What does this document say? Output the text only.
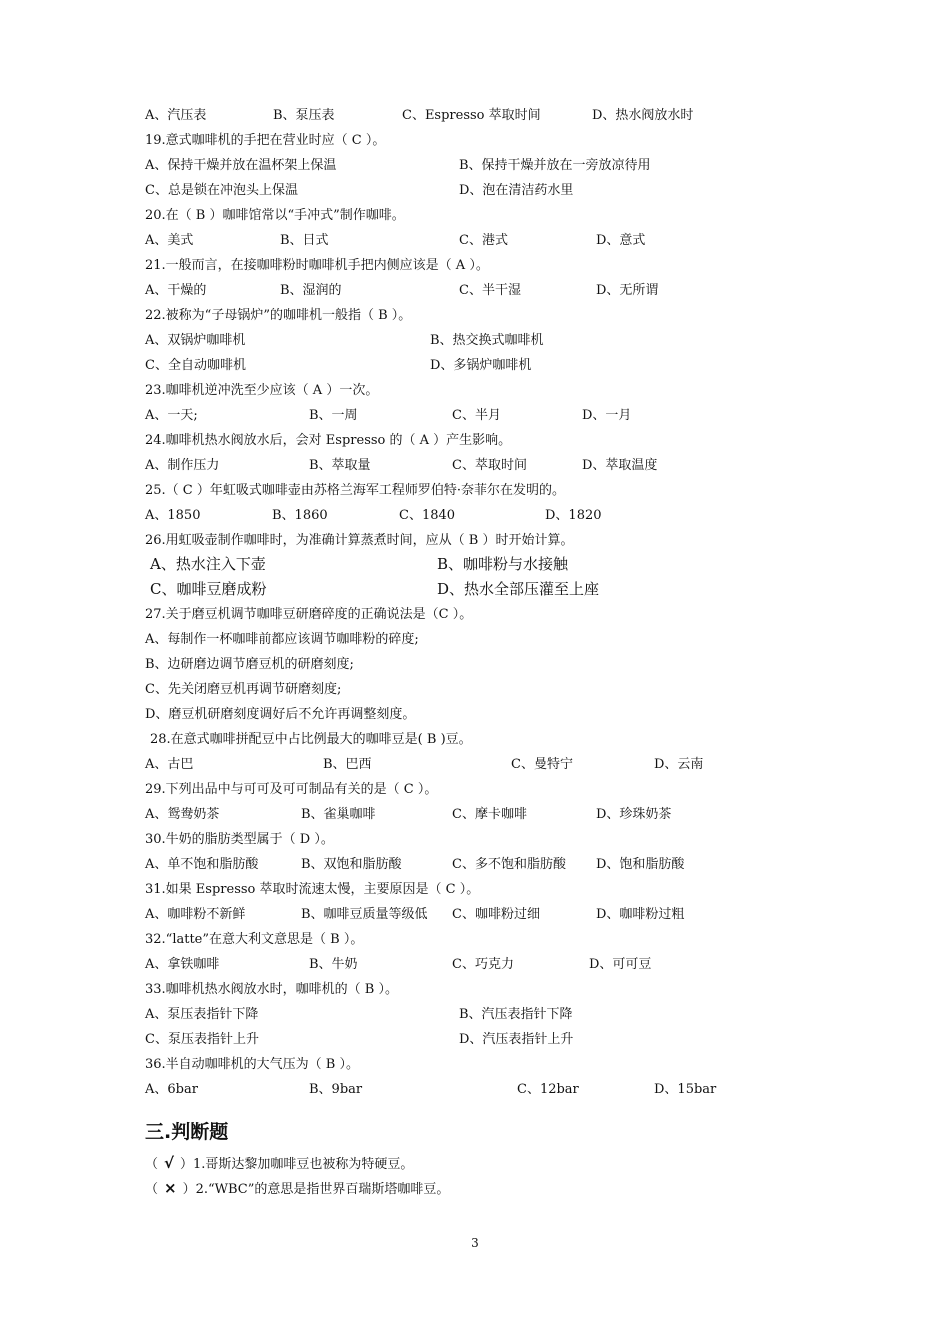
A、汽压表	B、泵压表	C、Espresso 萃取时间	D、热水阀放水时
19.意式咖啡机的手把在营业时应（ C ）。
A、保持干燥并放在温杯架上保温	B、保持干燥并放在一旁放凉待用
C、总是锁在冲泡头上保温	D、泡在清洁药水里
20.在（ B ）咖啡馆常以“手冲式”制作咖啡。
A、美式	B、日式	C、港式	D、意式
21.一般而言，在接咖啡粉时咖啡机手把内侧应该是（ A ）。
A、干燥的	B、湿润的	C、半干湿	D、无所谓
22.被称为“子母锅炉”的咖啡机一般指（ B ）。
A、双锅炉咖啡机	B、热交换式咖啡机
C、全自动咖啡机	D、多锅炉咖啡机
23.咖啡机逆冲洗至少应该（ A ）一次。
A、一天;	B、一周	C、半月	D、一月
24.咖啡机热水阀放水后，会对 Espresso 的（ A ）产生影响。
A、制作压力	B、萃取量	C、萃取时间	D、萃取温度
25.（ C ）年虹吸式咖啡壶由苏格兰海军工程师罗伯特·奈菲尔在发明的。
A、1850	B、1860	C、1840	D、1820
26.用虹吸壶制作咖啡时，为准确计算蒸煮时间，应从（ B ）时开始计算。
A、热水注入下壶	B、咖啡粉与水接触
C、咖啡豆磨成粉	D、热水全部压灌至上座
27.关于磨豆机调节咖啡豆研磨碎度的正确说法是（C ）。
A、每制作一杯咖啡前都应该调节咖啡粉的碎度;
B、边研磨边调节磨豆机的研磨刻度;
C、先关闭磨豆机再调节研磨刻度;
D、磨豆机研磨刻度调好后不允许再调整刻度。
28.在意式咖啡拼配豆中占比例最大的咖啡豆是( B )豆。
A、古巴	B、巴西	C、曼特宁	D、云南
29.下列出品中与可可及可可制品有关的是（ C ）。
A、鸳鸯奶茶	B、雀巢咖啡	C、摩卡咖啡	D、珍珠奶茶
30.牛奶的脂肪类型属于（ D ）。
A、单不饱和脂肪酸	B、双饱和脂肪酸	C、多不饱和脂肪酸 D、饱和脂肪酸
31.如果 Espresso 萃取时流速太慢，主要原因是（ C ）。
A、咖啡粉不新鲜	B、咖啡豆质量等级低 C、咖啡粉过细	D、咖啡粉过粗
32.“latte”在意大利文意思是（ B ）。
A、拿铁咖啡	B、牛奶	C、巧克力	D、可可豆
33.咖啡机热水阀放水时，咖啡机的（ B ）。
A、泵压表指针下降	B、汽压表指针下降
C、泵压表指针上升	D、汽压表指针上升
36.半自动咖啡机的大气压为（ B ）。
A、6bar	B、9bar	C、12bar	D、15bar
三.判断题
（ √ ）1.哥斯达黎加咖啡豆也被称为特硬豆。
（ × ）2.“WBC”的意思是指世界百瑞斯塔咖啡豆。
3
